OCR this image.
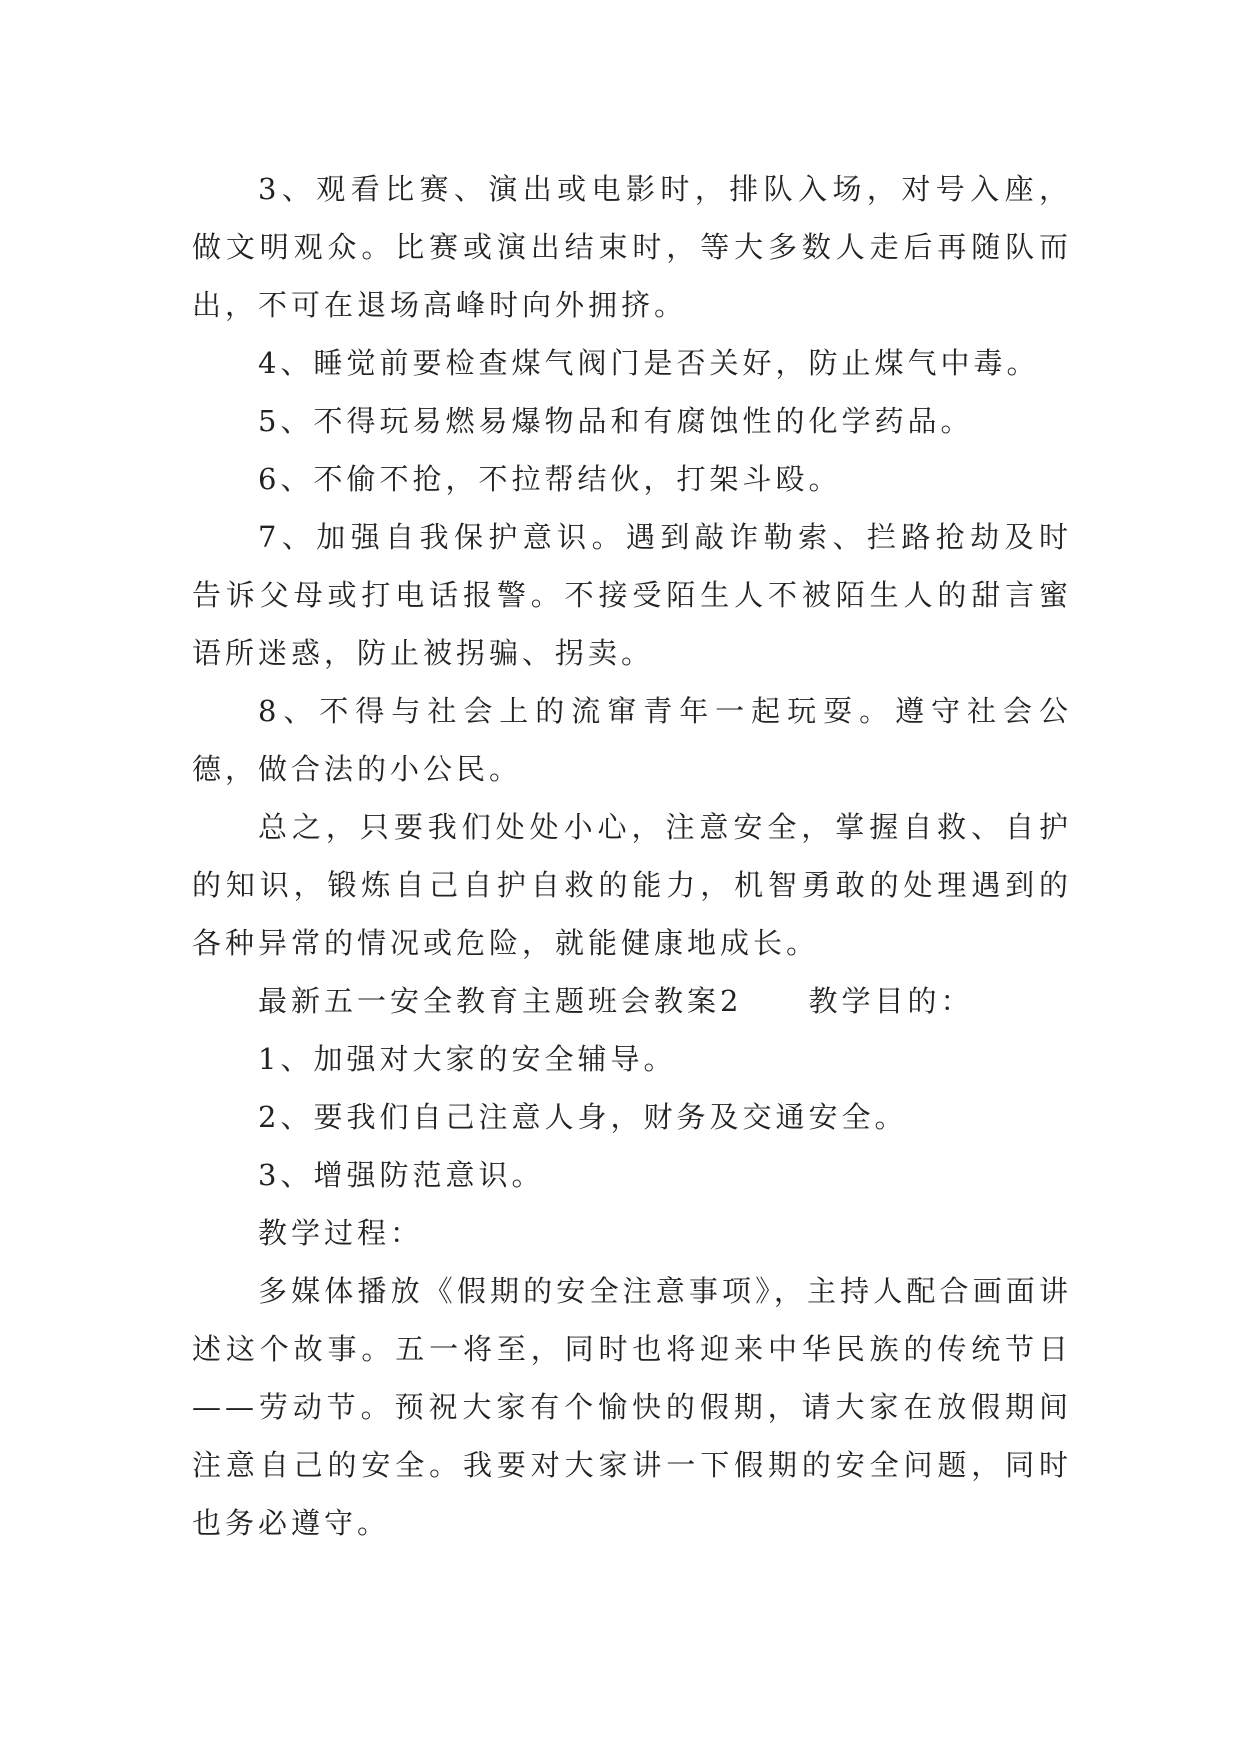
3、观看比赛、演出或电影时，排队入场，对号入座，做文明观众。比赛或演出结束时，等大多数人走后再随队而出，不可在退场高峰时向外拥挤。

4、睡觉前要检查煤气阀门是否关好，防止煤气中毒。

5、不得玩易燃易爆物品和有腐蚀性的化学药品。

6、不偷不抢，不拉帮结伙，打架斗殴。

7、加强自我保护意识。遇到敲诈勒索、拦路抢劫及时告诉父母或打电话报警。不接受陌生人不被陌生人的甜言蜜语所迷惑，防止被拐骗、拐卖。

8、不得与社会上的流窜青年一起玩耍。遵守社会公德，做合法的小公民。

总之，只要我们处处小心，注意安全，掌握自救、自护的知识，锻炼自己自护自救的能力，机智勇敢的处理遇到的各种异常的情况或危险，就能健康地成长。

最新五一安全教育主题班会教案2　　教学目的：

1、加强对大家的安全辅导。

2、要我们自己注意人身，财务及交通安全。

3、增强防范意识。

教学过程：

多媒体播放《假期的安全注意事项》，主持人配合画面讲述这个故事。五一将至，同时也将迎来中华民族的传统节日——劳动节。预祝大家有个愉快的假期，请大家在放假期间注意自己的安全。我要对大家讲一下假期的安全问题，同时也务必遵守。
